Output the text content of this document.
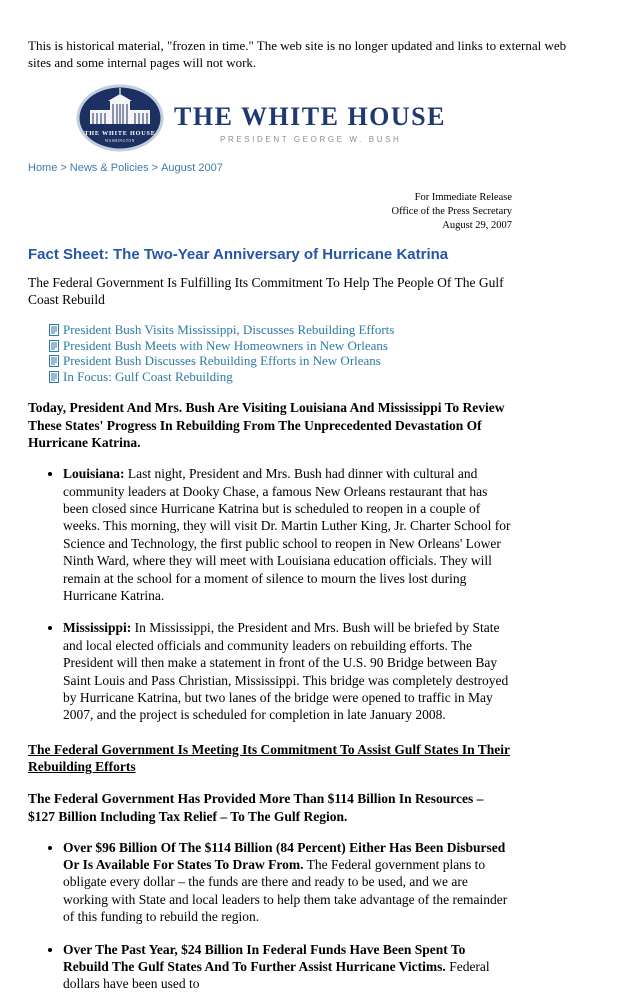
This is historical material, "frozen in time." The web site is no longer updated and links to external web sites and some internal pages will not work.

THE WHITE HOUSE
WASHINGTON
THE WHITE HOUSE
PRESIDENT GEORGE W. BUSH
Home > News & Policies > August 2007
For Immediate Release
Office of the Press Secretary
August 29, 2007
Fact Sheet: The Two-Year Anniversary of Hurricane Katrina
The Federal Government Is Fulfilling Its Commitment To Help The People Of The Gulf Coast Rebuild
President Bush Visits Mississippi, Discusses Rebuilding Efforts
President Bush Meets with New Homeowners in New Orleans
President Bush Discusses Rebuilding Efforts in New Orleans
In Focus: Gulf Coast Rebuilding

Today, President And Mrs. Bush Are Visiting Louisiana And Mississippi To Review These States' Progress In Rebuilding From The Unprecedented Devastation Of Hurricane Katrina.

• Louisiana: Last night, President and Mrs. Bush had dinner with cultural and community leaders at Dooky Chase, a famous New Orleans restaurant that has been closed since Hurricane Katrina but is scheduled to reopen in a couple of weeks. This morning, they will visit Dr. Martin Luther King, Jr. Charter School for Science and Technology, the first public school to reopen in New Orleans' Lower Ninth Ward, where they will meet with Louisiana education officials. They will remain at the school for a moment of silence to mourn the lives lost during Hurricane Katrina.
• Mississippi: In Mississippi, the President and Mrs. Bush will be briefed by State and local elected officials and community leaders on rebuilding efforts. The President will then make a statement in front of the U.S. 90 Bridge between Bay Saint Louis and Pass Christian, Mississippi. This bridge was completely destroyed by Hurricane Katrina, but two lanes of the bridge were opened to traffic in May 2007, and the project is scheduled for completion in late January 2008.
The Federal Government Is Meeting Its Commitment To Assist Gulf States In Their Rebuilding Efforts

The Federal Government Has Provided More Than $114 Billion In Resources – $127 Billion Including Tax Relief – To The Gulf Region.

• Over $96 Billion Of The $114 Billion (84 Percent) Either Has Been Disbursed Or Is Available For States To Draw From. The Federal government plans to obligate every dollar – the funds are there and ready to be used, and we are working with State and local leaders to help them take advantage of the remainder of this funding to rebuild the region.
• Over The Past Year, $24 Billion In Federal Funds Have Been Spent To Rebuild The Gulf States And To Further Assist Hurricane Victims. Federal dollars have been used to
